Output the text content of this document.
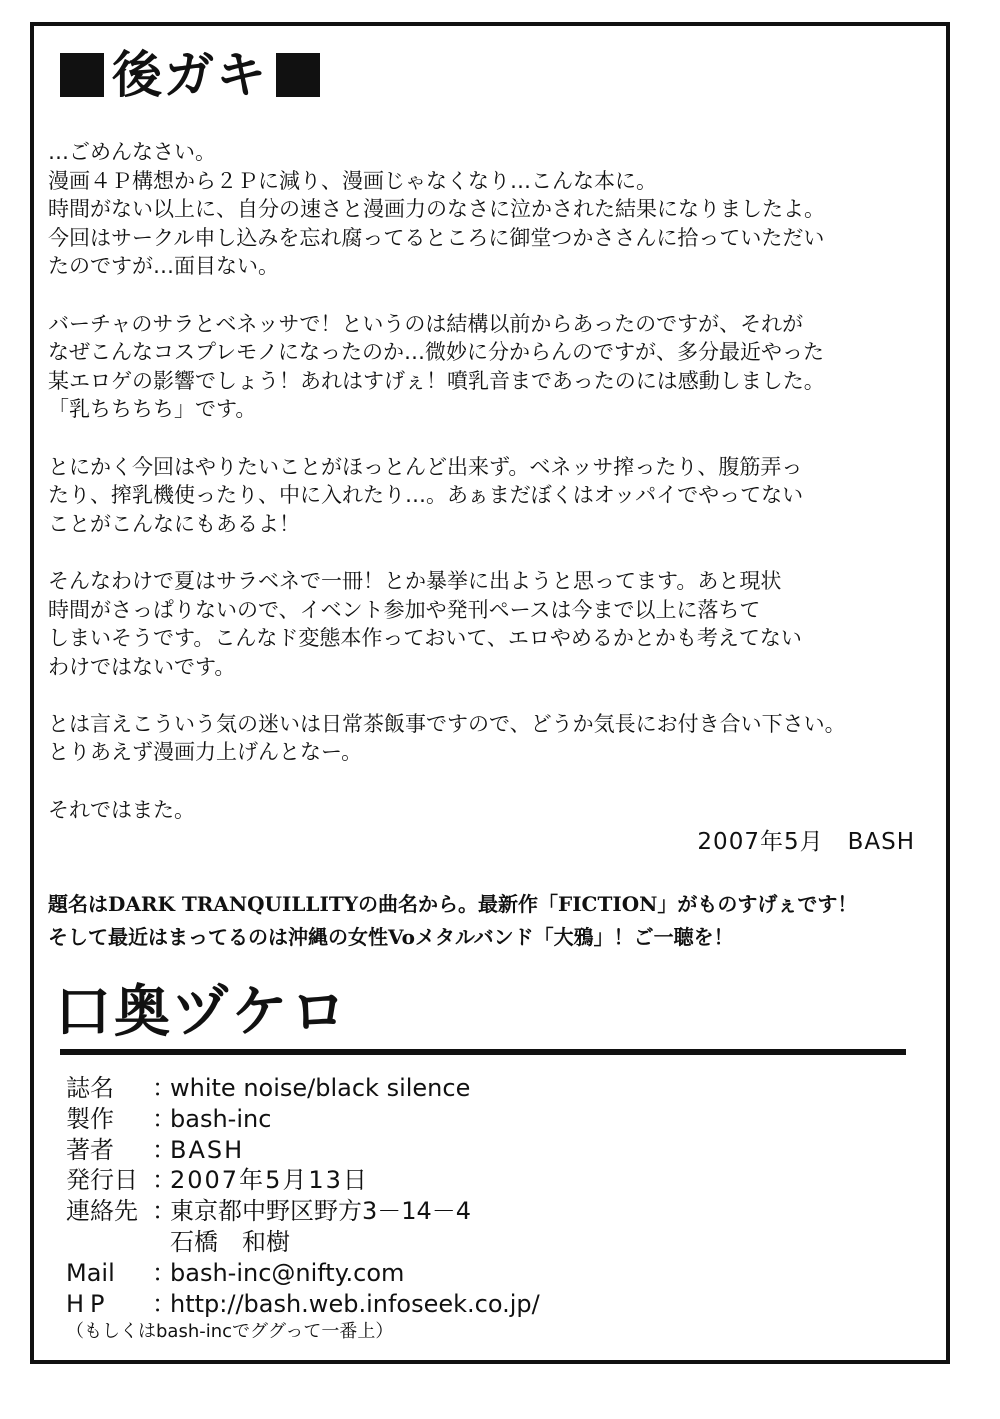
後ガキ
…ごめんなさい。
漫画４Ｐ構想から２Ｐに減り、漫画じゃなくなり…こんな本に。
時間がない以上に、自分の速さと漫画力のなさに泣かされた結果になりましたよ。
今回はサークル申し込みを忘れ腐ってるところに御堂つかささんに拾っていただい
たのですが…面目ない。
バーチャのサラとベネッサで！というのは結構以前からあったのですが、それが
なぜこんなコスプレモノになったのか…微妙に分からんのですが、多分最近やった
某エロゲの影響でしょう！あれはすげぇ！噴乳音まであったのには感動しました。
「乳ちちちち」です。
とにかく今回はやりたいことがほっとんど出来ず。ベネッサ搾ったり、腹筋弄っ
たり、搾乳機使ったり、中に入れたり…。あぁまだぼくはオッパイでやってない
ことがこんなにもあるよ！
そんなわけで夏はサラベネで一冊！とか暴挙に出ようと思ってます。あと現状
時間がさっぱりないので、イベント参加や発刊ペースは今まで以上に落ちて
しまいそうです。こんなド変態本作っておいて、エロやめるかとかも考えてない
わけではないです。
とは言えこういう気の迷いは日常茶飯事ですので、どうか気長にお付き合い下さい。
とりあえず漫画力上げんとなー。
それではまた。
2007年5月　BASH
題名はDARK TRANQUILLITYの曲名から。最新作「FICTION」がものすげぇです！
そして最近はまってるのは沖縄の女性Voメタルバンド「大鴉」！ご一聴を！
口奥ヅケロ
誌名	：
white noise/black silence
製作	：
bash-inc
著者	：
BASH
発行日 ：
2007年5月13日
連絡先 ：
東京都中野区野方3－14－4
石橋　和樹
Mail	：
bash-inc@nifty.com
HP	：
http://bash.web.infoseek.co.jp/
（もしくはbash-incでググって一番上）
